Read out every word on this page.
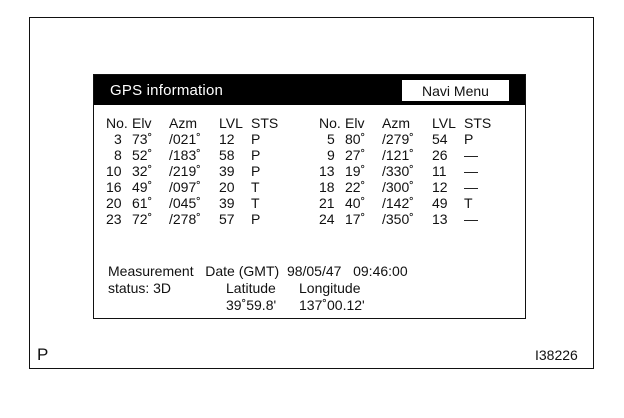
GPS information	Navi Menu
No. Elv Azm LVL STS
3 73˚ /021˚ 12 P
8 52˚ /183˚ 58 P
10 32˚ /219˚ 39 P
16 49˚ /097˚ 20 T
20 61˚ /045˚ 39 T
23 72˚ /278˚ 57 P
No. Elv Azm LVL STS
5 80˚ /279˚ 54 P
9 27˚ /121˚ 26 —
13 19˚ /330˚ 11 —
18 22˚ /300˚ 12 —
21 40˚ /142˚ 49 T
24 17˚ /350˚ 13 —
Measurement Date (GMT) 98/05/47 09:46:00
status: 3D	Latitude
39˚59.8'
Longitude
137˚00.12'
P	I38226
